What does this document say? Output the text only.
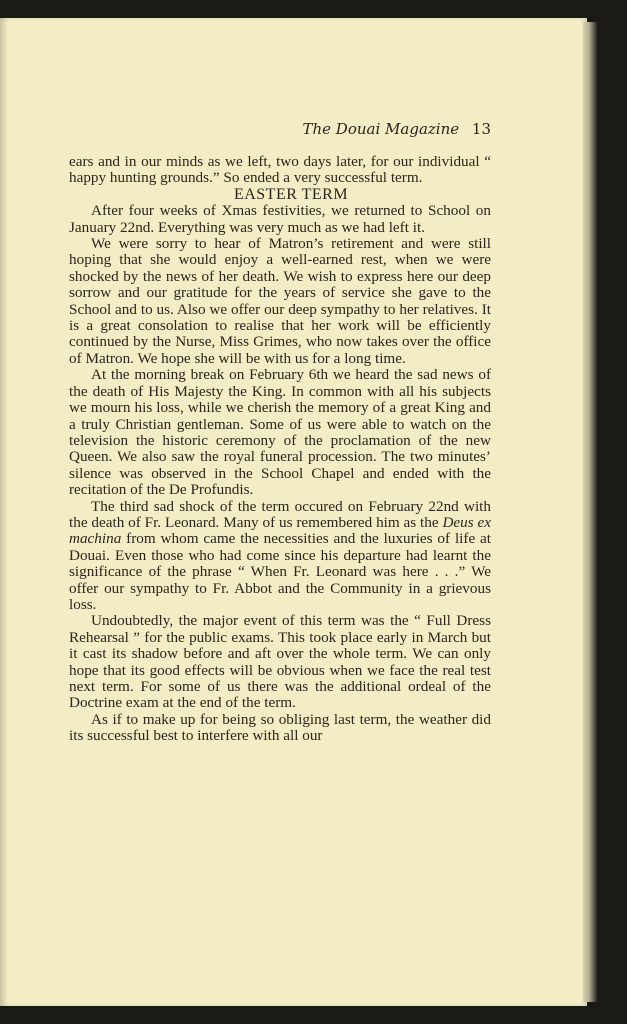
The Douai Magazine 13

ears and in our minds as we left, two days later, for our individual “ happy hunting grounds.” So ended a very successful term.

EASTER TERM

After four weeks of Xmas festivities, we returned to School on January 22nd. Everything was very much as we had left it.

We were sorry to hear of Matron’s retirement and were still hoping that she would enjoy a well-earned rest, when we were shocked by the news of her death. We wish to express here our deep sorrow and our gratitude for the years of service she gave to the School and to us. Also we offer our deep sympathy to her relatives. It is a great consolation to realise that her work will be efficiently continued by the Nurse, Miss Grimes, who now takes over the office of Matron. We hope she will be with us for a long time.

At the morning break on February 6th we heard the sad news of the death of His Majesty the King. In common with all his subjects we mourn his loss, while we cherish the memory of a great King and a truly Christian gentleman. Some of us were able to watch on the television the historic ceremony of the proclamation of the new Queen. We also saw the royal funeral procession. The two minutes’ silence was observed in the School Chapel and ended with the recitation of the De Profundis.

The third sad shock of the term occured on February 22nd with the death of Fr. Leonard. Many of us remembered him as the Deus ex machina from whom came the necessities and the luxuries of life at Douai. Even those who had come since his departure had learnt the significance of the phrase “ When Fr. Leonard was here . . .” We offer our sympathy to Fr. Abbot and the Community in a grievous loss.

Undoubtedly, the major event of this term was the “ Full Dress Rehearsal ” for the public exams. This took place early in March but it cast its shadow before and aft over the whole term. We can only hope that its good effects will be obvious when we face the real test next term. For some of us there was the additional ordeal of the Doctrine exam at the end of the term.

As if to make up for being so obliging last term, the weather did its successful best to interfere with all our
